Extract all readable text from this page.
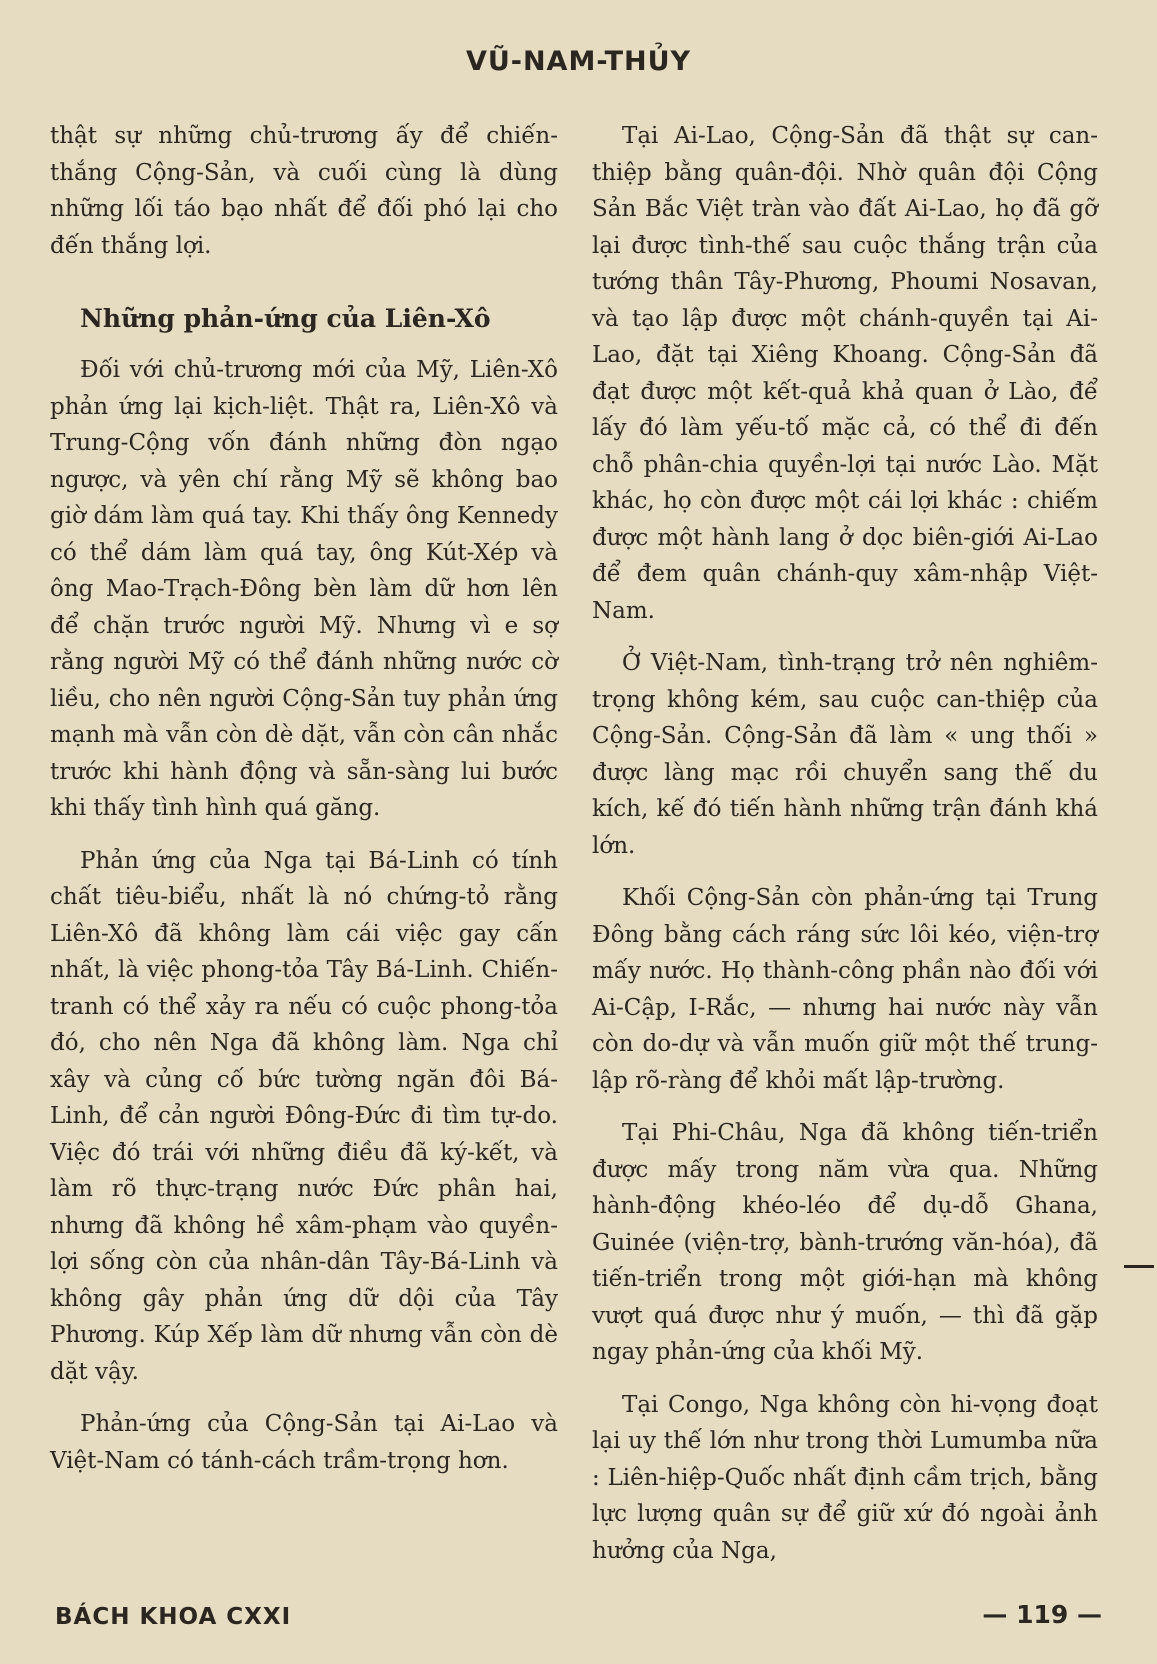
VŨ-NAM-THỦY

thật sự những chủ-trương ấy để chiến-thắng Cộng-Sản, và cuối cùng là dùng những lối táo bạo nhất để đối phó lại cho đến thắng lợi.

Những phản-ứng của Liên-Xô

Đối với chủ-trương mới của Mỹ, Liên-Xô phản ứng lại kịch-liệt. Thật ra, Liên-Xô và Trung-Cộng vốn đánh những đòn ngạo ngược, và yên chí rằng Mỹ sẽ không bao giờ dám làm quá tay. Khi thấy ông Kennedy có thể dám làm quá tay, ông Kút-Xép và ông Mao-Trạch-Đông bèn làm dữ hơn lên để chặn trước người Mỹ. Nhưng vì e sợ rằng người Mỹ có thể đánh những nước cờ liều, cho nên người Cộng-Sản tuy phản ứng mạnh mà vẫn còn dè dặt, vẫn còn cân nhắc trước khi hành động và sẵn-sàng lui bước khi thấy tình hình quá găng.

Phản ứng của Nga tại Bá-Linh có tính chất tiêu-biểu, nhất là nó chứng-tỏ rằng Liên-Xô đã không làm cái việc gay cấn nhất, là việc phong-tỏa Tây Bá-Linh. Chiến-tranh có thể xảy ra nếu có cuộc phong-tỏa đó, cho nên Nga đã không làm. Nga chỉ xây và củng cố bức tường ngăn đôi Bá-Linh, để cản người Đông-Đức đi tìm tự-do. Việc đó trái với những điều đã ký-kết, và làm rõ thực-trạng nước Đức phân hai, nhưng đã không hề xâm-phạm vào quyền-lợi sống còn của nhân-dân Tây-Bá-Linh và không gây phản ứng dữ dội của Tây Phương. Kúp Xếp làm dữ nhưng vẫn còn dè dặt vậy.

Phản-ứng của Cộng-Sản tại Ai-Lao và Việt-Nam có tánh-cách trầm-trọng hơn.

Tại Ai-Lao, Cộng-Sản đã thật sự can-thiệp bằng quân-đội. Nhờ quân đội Cộng Sản Bắc Việt tràn vào đất Ai-Lao, họ đã gỡ lại được tình-thế sau cuộc thắng trận của tướng thân Tây-Phương, Phoumi Nosavan, và tạo lập được một chánh-quyền tại Ai-Lao, đặt tại Xiêng Khoang. Cộng-Sản đã đạt được một kết-quả khả quan ở Lào, để lấy đó làm yếu-tố mặc cả, có thể đi đến chỗ phân-chia quyền-lợi tại nước Lào. Mặt khác, họ còn được một cái lợi khác : chiếm được một hành lang ở dọc biên-giới Ai-Lao để đem quân chánh-quy xâm-nhập Việt-Nam.

Ở Việt-Nam, tình-trạng trở nên nghiêm-trọng không kém, sau cuộc can-thiệp của Cộng-Sản. Cộng-Sản đã làm « ung thối » được làng mạc rồi chuyển sang thế du kích, kế đó tiến hành những trận đánh khá lớn.

Khối Cộng-Sản còn phản-ứng tại Trung Đông bằng cách ráng sức lôi kéo, viện-trợ mấy nước. Họ thành-công phần nào đối với Ai-Cập, I-Rắc, — nhưng hai nước này vẫn còn do-dự và vẫn muốn giữ một thế trung-lập rõ-ràng để khỏi mất lập-trường.

Tại Phi-Châu, Nga đã không tiến-triển được mấy trong năm vừa qua. Những hành-động khéo-léo để dụ-dỗ Ghana, Guinée (viện-trợ, bành-trướng văn-hóa), đã tiến-triển trong một giới-hạn mà không vượt quá được như ý muốn, — thì đã gặp ngay phản-ứng của khối Mỹ.

Tại Congo, Nga không còn hi-vọng đoạt lại uy thế lớn như trong thời Lumumba nữa : Liên-hiệp-Quốc nhất định cầm trịch, bằng lực lượng quân sự để giữ xứ đó ngoài ảnh hưởng của Nga,

BÁCH KHOA CXXI	— 119 —
